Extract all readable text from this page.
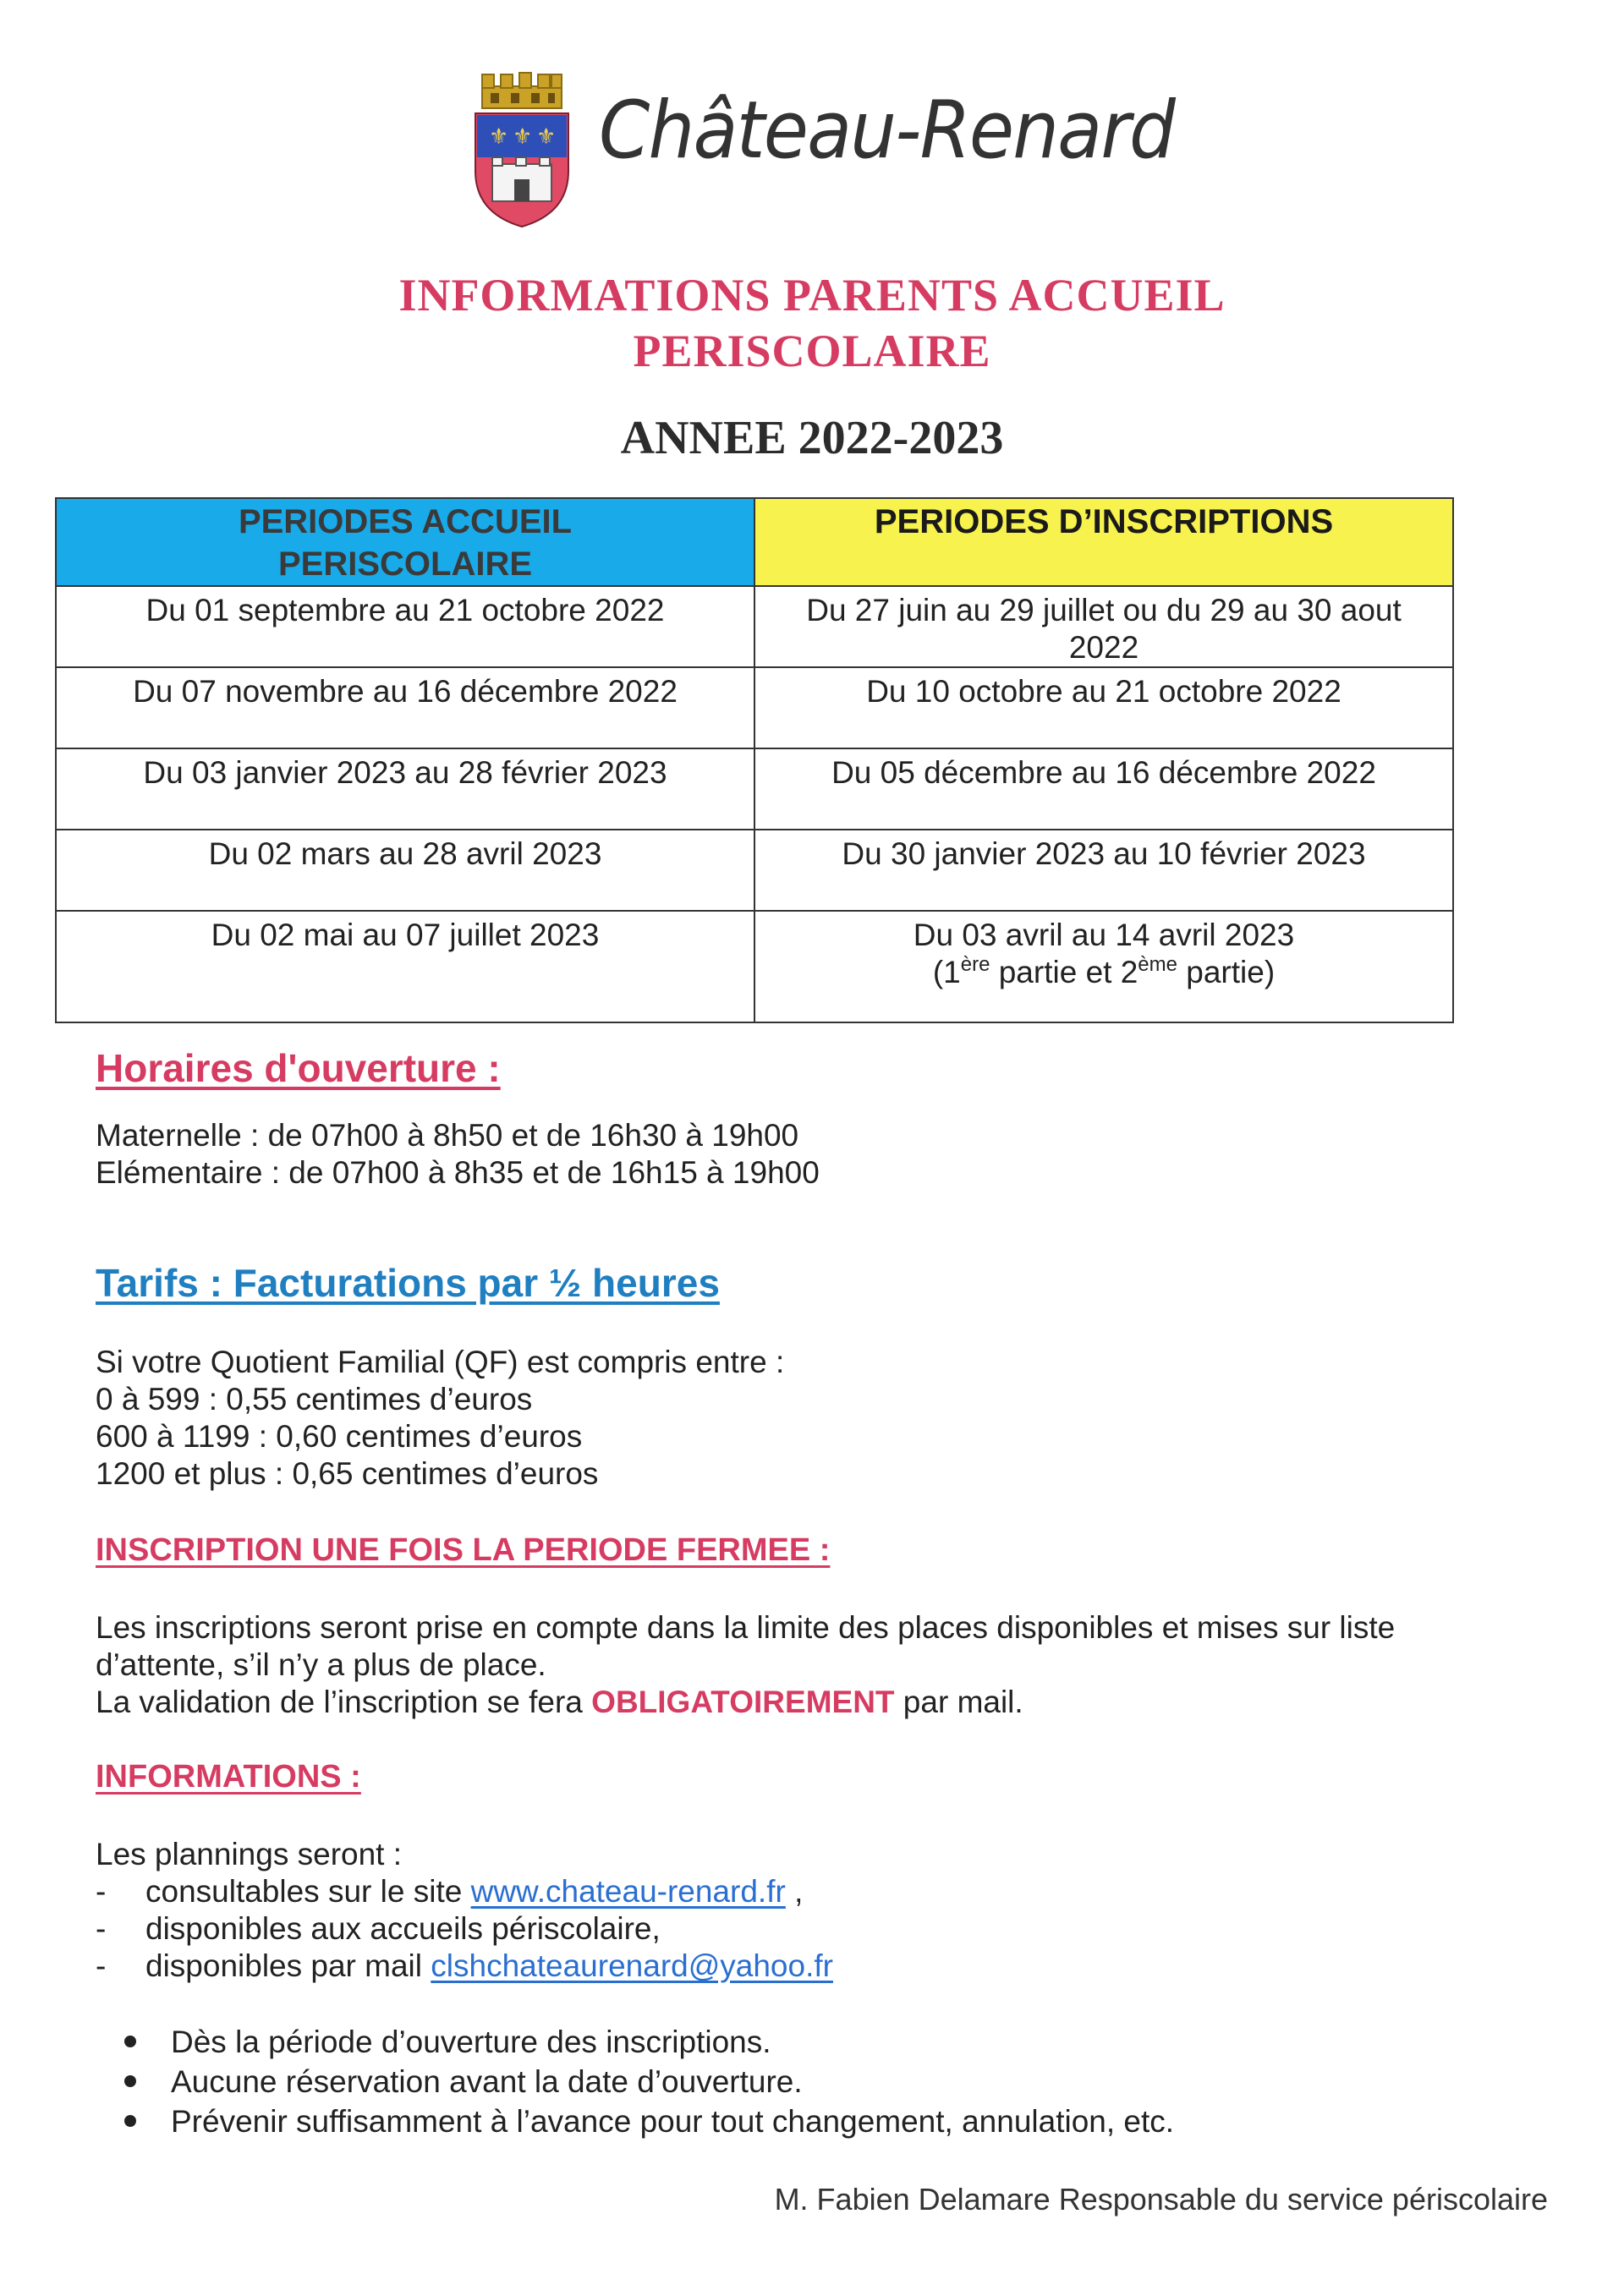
⚜ ⚜ ⚜ Château-Renard
INFORMATIONS PARENTS ACCUEIL
PERISCOLAIRE
ANNEE 2022-2023
PERIODES ACCUEIL
PERISCOLAIRE	PERIODES D’INSCRIPTIONS
Du 01 septembre au 21 octobre 2022	Du 27 juin au 29 juillet ou du 29 au 30 aout
2022

Du 07 novembre au 16 décembre 2022	Du 10 octobre au 21 octobre 2022
Du 03 janvier 2023 au 28 février 2023	Du 05 décembre au 16 décembre 2022
Du 02 mars au 28 avril 2023	Du 30 janvier 2023 au 10 février 2023
Du 02 mai au 07 juillet 2023	Du 03 avril au 14 avril 2023
(1ère partie et 2ème partie)
Horaires d'ouverture :
Maternelle : de 07h00 à 8h50 et de 16h30 à 19h00
Elémentaire : de 07h00 à 8h35 et de 16h15 à 19h00
Tarifs : Facturations par ½ heures
Si votre Quotient Familial (QF) est compris entre :
0 à 599 : 0,55 centimes d’euros
600 à 1199 : 0,60 centimes d’euros
1200 et plus : 0,65 centimes d’euros
INSCRIPTION UNE FOIS LA PERIODE FERMEE :
Les inscriptions seront prise en compte dans la limite des places disponibles et mises sur liste
d’attente, s’il n’y a plus de place.
La validation de l’inscription se fera OBLIGATOIREMENT par mail.
INFORMATIONS :
Les plannings seront :
- consultables sur le site www.chateau-renard.fr ,
- disponibles aux accueils périscolaire,
- disponibles par mail clshchateaurenard@yahoo.fr
Dès la période d’ouverture des inscriptions.
Aucune réservation avant la date d’ouverture.
Prévenir suffisamment à l’avance pour tout changement, annulation, etc.
M. Fabien Delamare Responsable du service périscolaire
